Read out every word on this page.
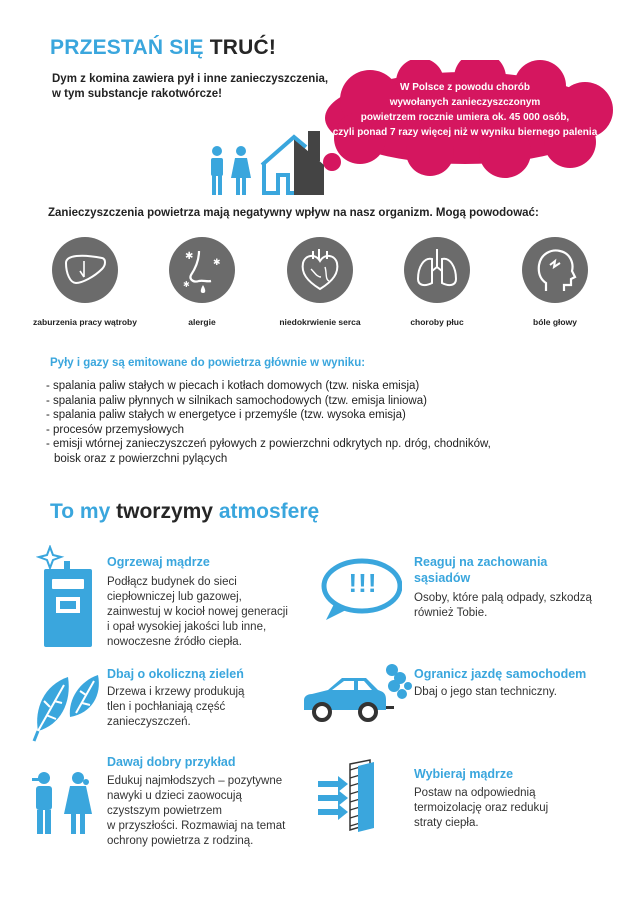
PRZESTAŃ SIĘ TRUĆ!
Dym z komina zawiera pył i inne zanieczyszczenia,
w tym substancje rakotwórcze!
W Polsce z powodu chorób
wywołanych zanieczyszczonym
powietrzem rocznie umiera ok. 45 000 osób,
czyli ponad 7 razy więcej niż w wyniku biernego palenia
Zanieczyszczenia powietrza mają negatywny wpływ na nasz organizm. Mogą powodować:
zaburzenia pracy wątroby
✱
✱
✱
alergie	niedokrwienie serca	choroby płuc	bóle głowy
Pyły i gazy są emitowane do powietrza głównie w wyniku:
- spalania paliw stałych w piecach i kotłach domowych (tzw. niska emisja)
- spalania paliw płynnych w silnikach samochodowych (tzw. emisja liniowa)
- spalania paliw stałych w energetyce i przemyśle (tzw. wysoka emisja)
- procesów przemysłowych
- emisji wtórnej zanieczyszczeń pyłowych z powierzchni odkrytych np. dróg, chodników,
boisk oraz z powierzchni pylących
To my tworzymy atmosferę
Ogrzewaj mądrze
Podłącz budynek do sieci
ciepłowniczej lub gazowej,
zainwestuj w kocioł nowej generacji
i opał wysokiej jakości lub inne,
nowoczesne źródło ciepła.
!!!
Reaguj na zachowania
sąsiadów
Osoby, które palą odpady, szkodzą
również Tobie.
Dbaj o okoliczną zieleń
Drzewa i krzewy produkują
tlen i pochłaniają część
zanieczyszczeń.
Ogranicz jazdę samochodem
Dbaj o jego stan techniczny.
Dawaj dobry przykład
Edukuj najmłodszych – pozytywne
nawyki u dzieci zaowocują
czystszym powietrzem
w przyszłości. Rozmawiaj na temat
ochrony powietrza z rodziną.
Wybieraj mądrze
Postaw na odpowiednią
termoizolację oraz redukuj
straty ciepła.
